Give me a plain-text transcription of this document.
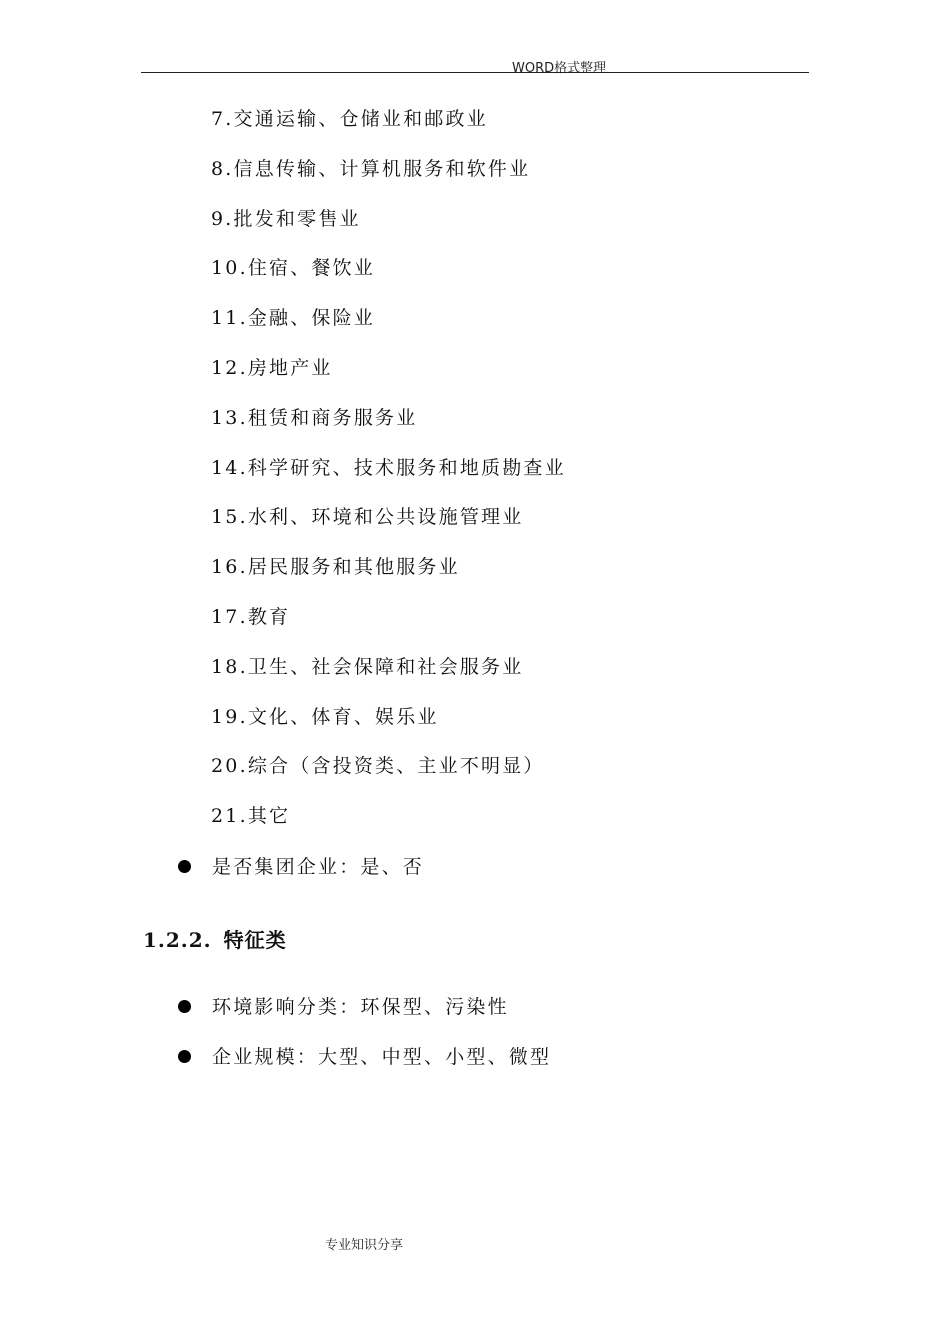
WORD格式整理
7.交通运输、仓储业和邮政业
8.信息传输、计算机服务和软件业
9.批发和零售业
10.住宿、餐饮业
11.金融、保险业
12.房地产业
13.租赁和商务服务业
14.科学研究、技术服务和地质勘查业
15.水利、环境和公共设施管理业
16.居民服务和其他服务业
17.教育
18.卫生、社会保障和社会服务业
19.文化、体育、娱乐业
20.综合（含投资类、主业不明显）
21.其它
是否集团企业：是、否
1.2.2. 特征类
环境影响分类：环保型、污染性
企业规模：大型、中型、小型、微型
专业知识分享
